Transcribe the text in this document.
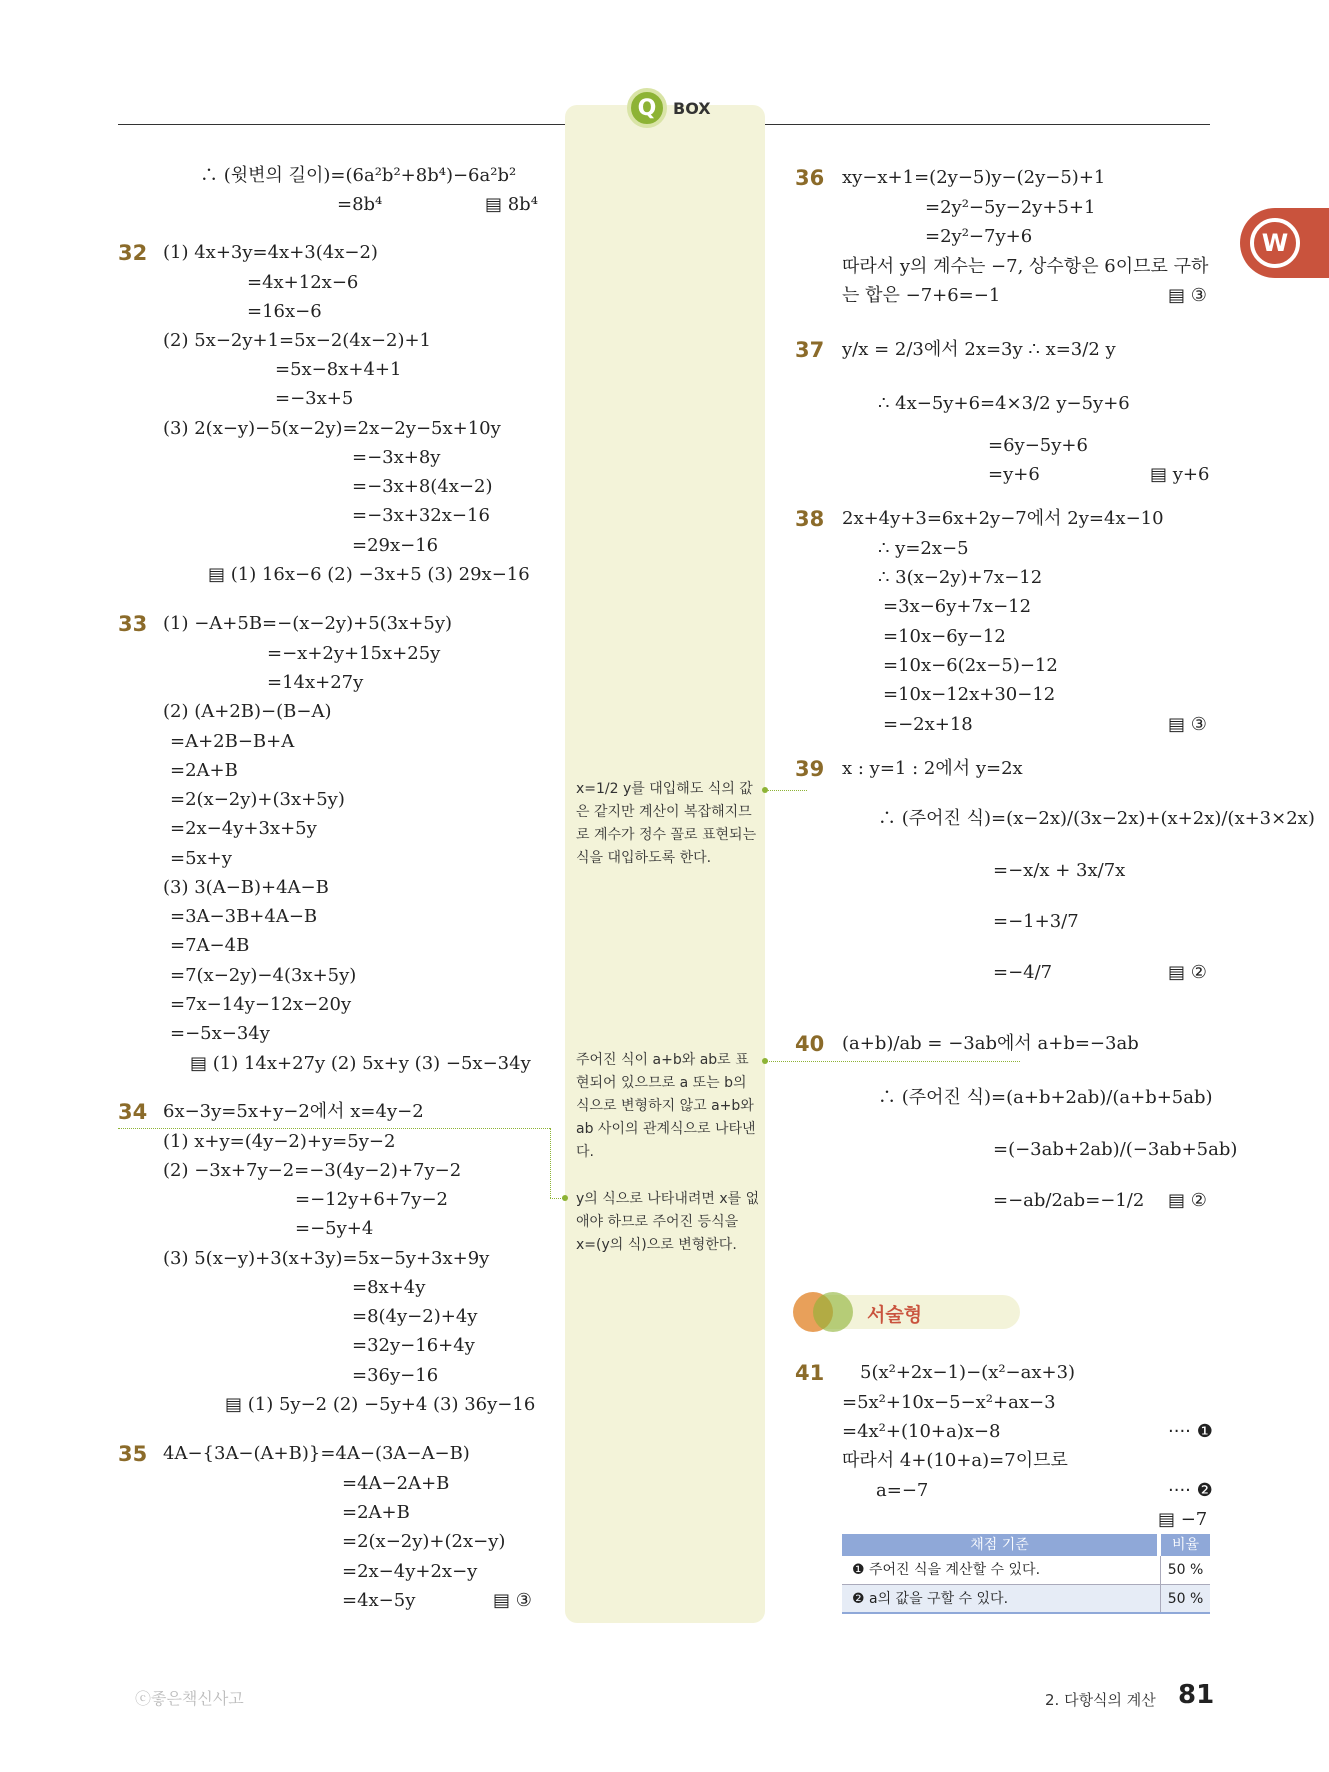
Q BOX
W
∴ (윗변의 길이)=(6a²b²+8b⁴)−6a²b²
=8b⁴	▤ 8b⁴
(1) 4x+3y=4x+3(4x−2)
=4x+12x−6
=16x−6
(2) 5x−2y+1=5x−2(4x−2)+1
=5x−8x+4+1
=−3x+5
(3) 2(x−y)−5(x−2y)=2x−2y−5x+10y
=−3x+8y
=−3x+8(4x−2)
=−3x+32x−16
=29x−16
▤ (1) 16x−6 (2) −3x+5 (3) 29x−16
(1) −A+5B=−(x−2y)+5(3x+5y)
=−x+2y+15x+25y
=14x+27y
(2) (A+2B)−(B−A)
=A+2B−B+A
=2A+B
=2(x−2y)+(3x+5y)
=2x−4y+3x+5y
=5x+y
(3) 3(A−B)+4A−B
=3A−3B+4A−B
=7A−4B
=7(x−2y)−4(3x+5y)
=7x−14y−12x−20y
=−5x−34y
▤ (1) 14x+27y (2) 5x+y (3) −5x−34y
6x−3y=5x+y−2에서 x=4y−2
(1) x+y=(4y−2)+y=5y−2
(2) −3x+7y−2=−3(4y−2)+7y−2
=−12y+6+7y−2
=−5y+4
(3) 5(x−y)+3(x+3y)=5x−5y+3x+9y
=8x+4y
=8(4y−2)+4y
=32y−16+4y
=36y−16
▤ (1) 5y−2 (2) −5y+4 (3) 36y−16
4A−{3A−(A+B)}=4A−(3A−A−B)
=4A−2A+B
=2A+B
=2(x−2y)+(2x−y)
=2x−4y+2x−y
=4x−5y	▤ ③
32
33
34
35
xy−x+1=(2y−5)y−(2y−5)+1
=2y²−5y−2y+5+1
=2y²−7y+6
따라서 y의 계수는 −7, 상수항은 6이므로 구하
는 합은 −7+6=−1	▤ ③
y/x = 2/3에서 2x=3y ∴ x=3/2 y
∴ 4x−5y+6=4×3/2 y−5y+6
=6y−5y+6
=y+6	▤ y+6
2x+4y+3=6x+2y−7에서 2y=4x−10
∴ y=2x−5
∴ 3(x−2y)+7x−12
=3x−6y+7x−12
=10x−6y−12
=10x−6(2x−5)−12
=10x−12x+30−12
=−2x+18	▤ ③
x : y=1 : 2에서 y=2x
∴ (주어진 식)=(x−2x)/(3x−2x)+(x+2x)/(x+3×2x)
=−x/x + 3x/7x
=−1+3/7
=−4/7	▤ ②
(a+b)/ab = −3ab에서 a+b=−3ab
∴ (주어진 식)=(a+b+2ab)/(a+b+5ab)
=(−3ab+2ab)/(−3ab+5ab)
=−ab/2ab=−1/2 ▤ ②
5(x²+2x−1)−(x²−ax+3)
=5x²+10x−5−x²+ax−3
=4x²+(10+a)x−8
따라서 4+(10+a)=7이므로
a=−7
▤ −7
36
37
38
39
40
41
x=1/2 y를 대입해도 식의 값은 같지만 계산이 복잡해지므로 계수가 정수 꼴로 표현되는 식을 대입하도록 한다.
주어진 식이 a+b와 ab로 표현되어 있으므로 a 또는 b의 식으로 변형하지 않고 a+b와 ab 사이의 관계식으로 나타낸다.
y의 식으로 나타내려면 x를 없애야 하므로 주어진 등식을 x=(y의 식)으로 변형한다.
서술형
···· ❶
···· ❷
채점 기준	비율
❶ 주어진 식을 계산할 수 있다.	50 %
❷ a의 값을 구할 수 있다.	50 %
ⓒ좋은책신사고	2. 다항식의 계산 81
